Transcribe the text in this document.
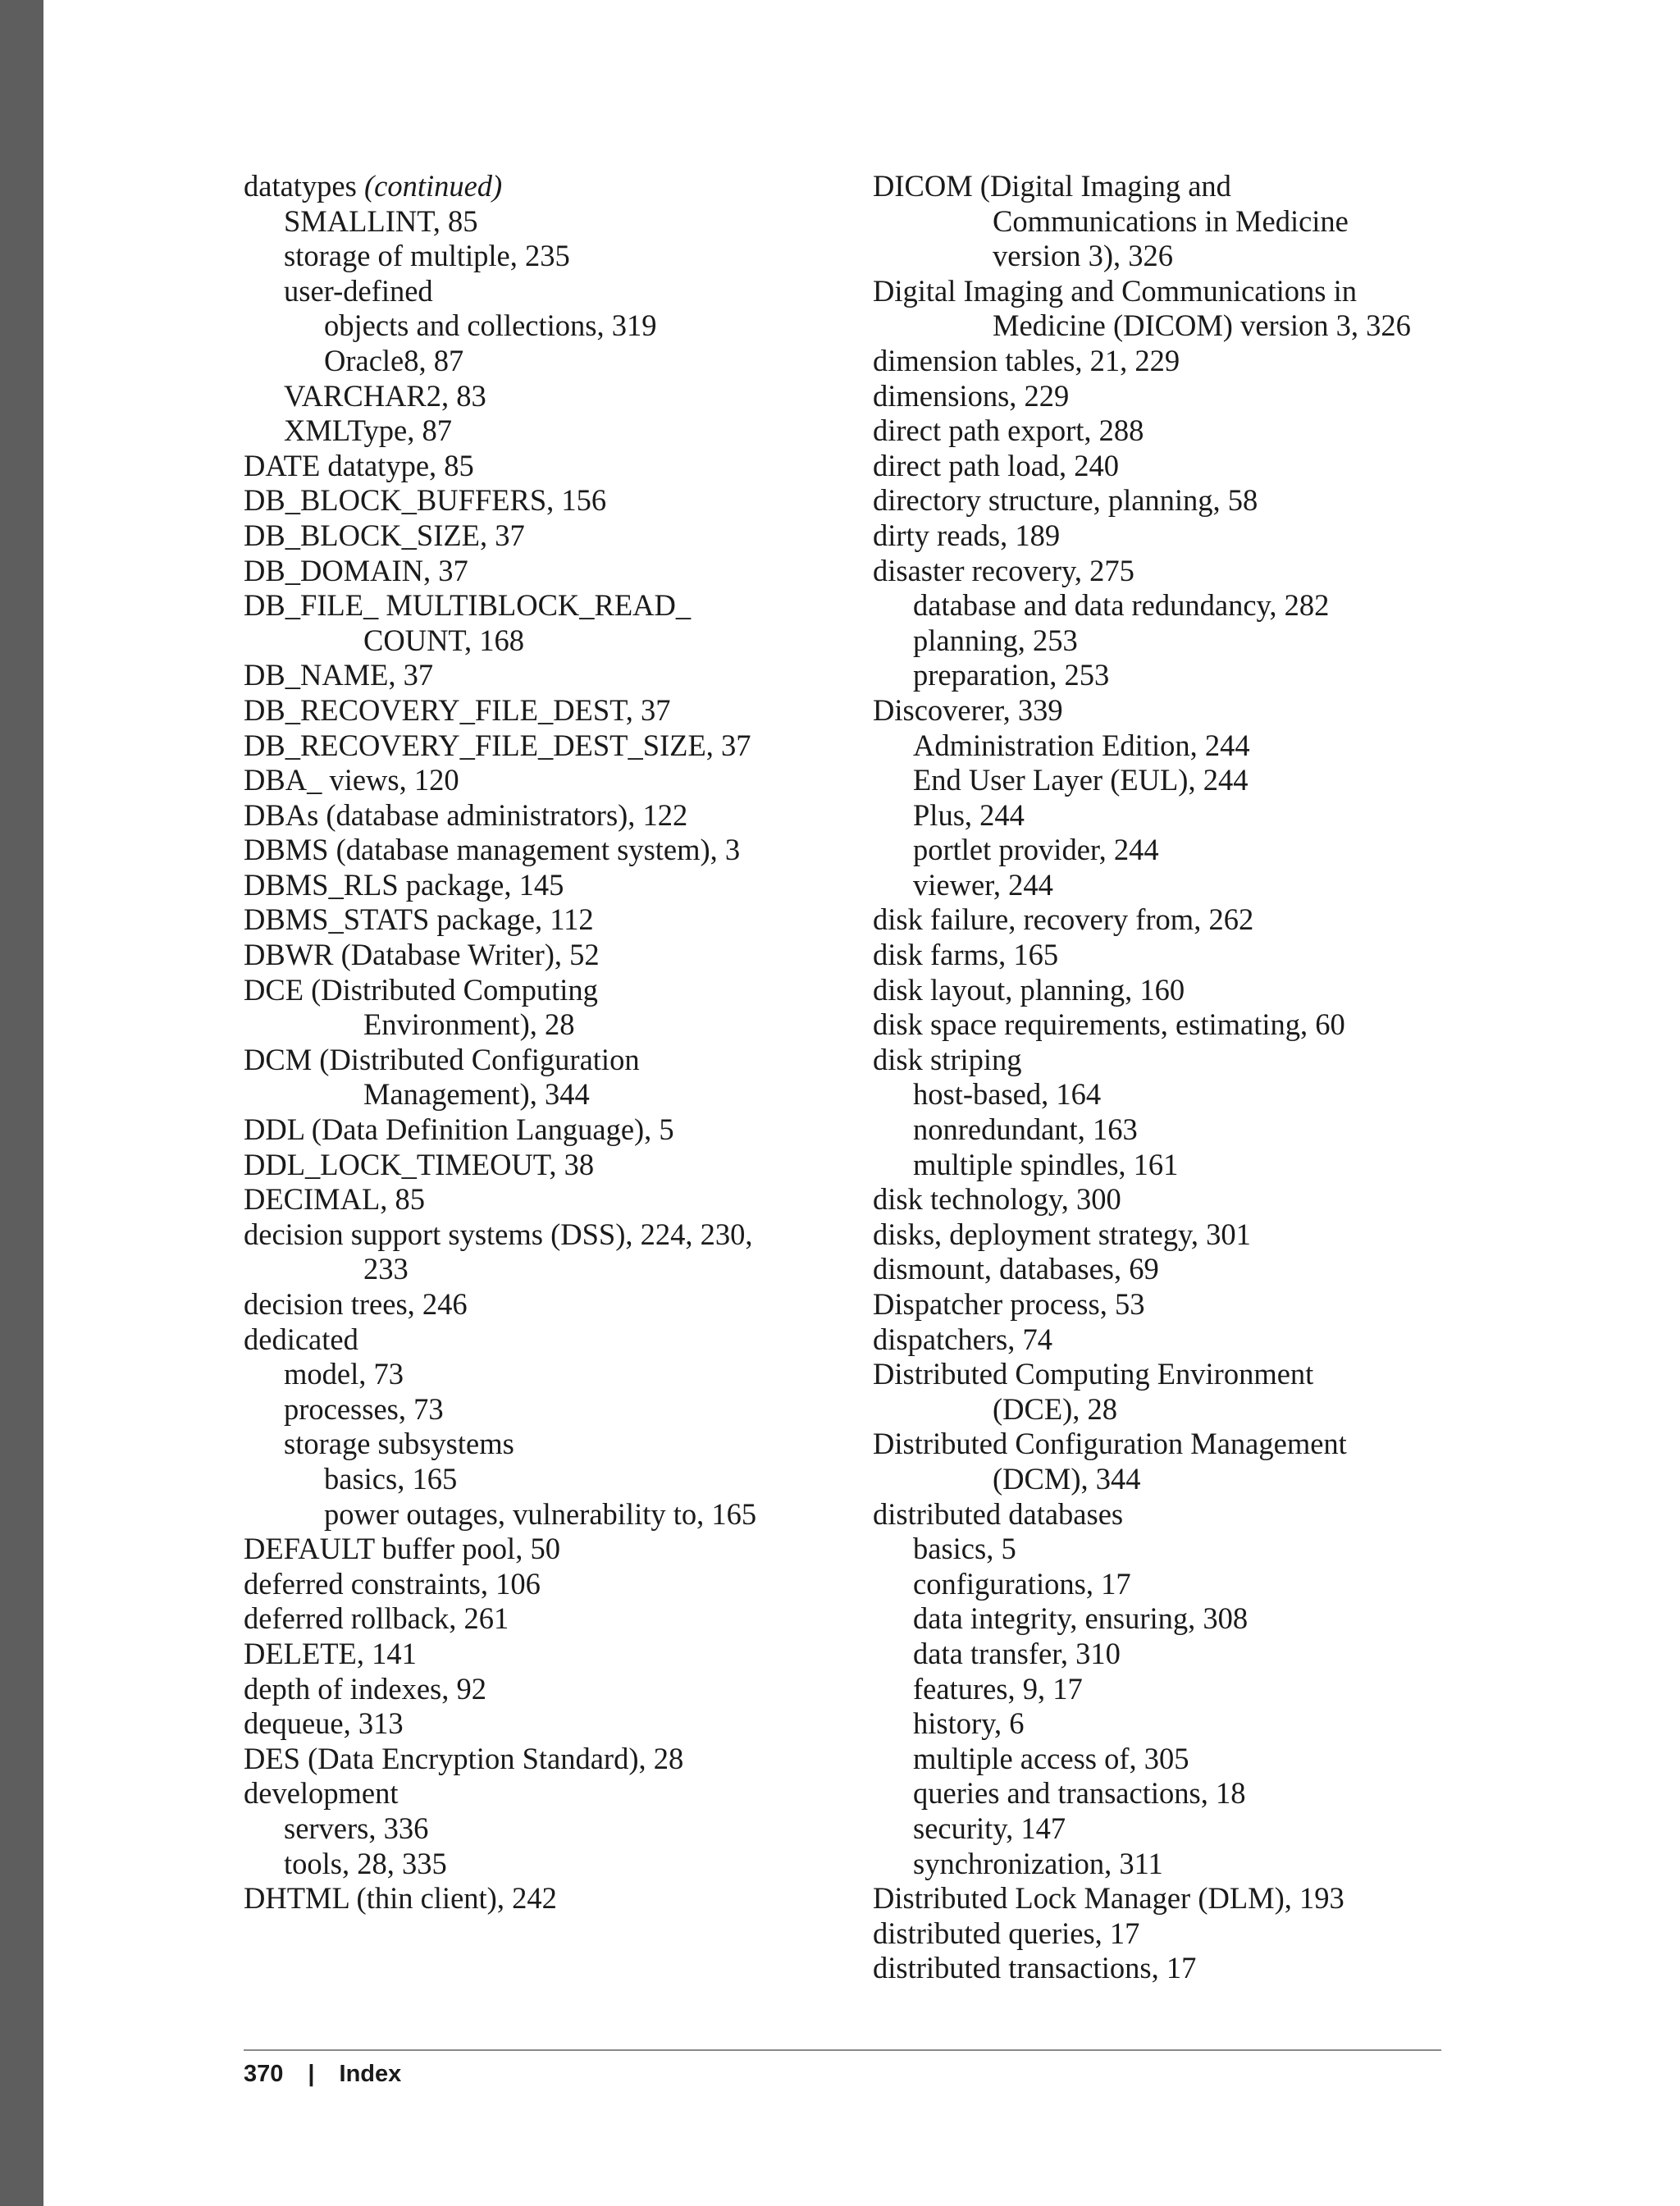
datatypes (continued)
SMALLINT, 85
storage of multiple, 235
user-defined
objects and collections, 319
Oracle8, 87
VARCHAR2, 83
XMLType, 87
DATE datatype, 85
DB_BLOCK_BUFFERS, 156
DB_BLOCK_SIZE, 37
DB_DOMAIN, 37
DB_FILE_ MULTIBLOCK_READ_
COUNT, 168
DB_NAME, 37
DB_RECOVERY_FILE_DEST, 37
DB_RECOVERY_FILE_DEST_SIZE, 37
DBA_ views, 120
DBAs (database administrators), 122
DBMS (database management system), 3
DBMS_RLS package, 145
DBMS_STATS package, 112
DBWR (Database Writer), 52
DCE (Distributed Computing
Environment), 28
DCM (Distributed Configuration
Management), 344
DDL (Data Definition Language), 5
DDL_LOCK_TIMEOUT, 38
DECIMAL, 85
decision support systems (DSS), 224, 230,
233
decision trees, 246
dedicated
model, 73
processes, 73
storage subsystems
basics, 165
power outages, vulnerability to, 165
DEFAULT buffer pool, 50
deferred constraints, 106
deferred rollback, 261
DELETE, 141
depth of indexes, 92
dequeue, 313
DES (Data Encryption Standard), 28
development
servers, 336
tools, 28, 335
DHTML (thin client), 242
DICOM (Digital Imaging and
Communications in Medicine
version 3), 326
Digital Imaging and Communications in
Medicine (DICOM) version 3, 326
dimension tables, 21, 229
dimensions, 229
direct path export, 288
direct path load, 240
directory structure, planning, 58
dirty reads, 189
disaster recovery, 275
database and data redundancy, 282
planning, 253
preparation, 253
Discoverer, 339
Administration Edition, 244
End User Layer (EUL), 244
Plus, 244
portlet provider, 244
viewer, 244
disk failure, recovery from, 262
disk farms, 165
disk layout, planning, 160
disk space requirements, estimating, 60
disk striping
host-based, 164
nonredundant, 163
multiple spindles, 161
disk technology, 300
disks, deployment strategy, 301
dismount, databases, 69
Dispatcher process, 53
dispatchers, 74
Distributed Computing Environment
(DCE), 28
Distributed Configuration Management
(DCM), 344
distributed databases
basics, 5
configurations, 17
data integrity, ensuring, 308
data transfer, 310
features, 9, 17
history, 6
multiple access of, 305
queries and transactions, 18
security, 147
synchronization, 311
Distributed Lock Manager (DLM), 193
distributed queries, 17
distributed transactions, 17
370 | Index
